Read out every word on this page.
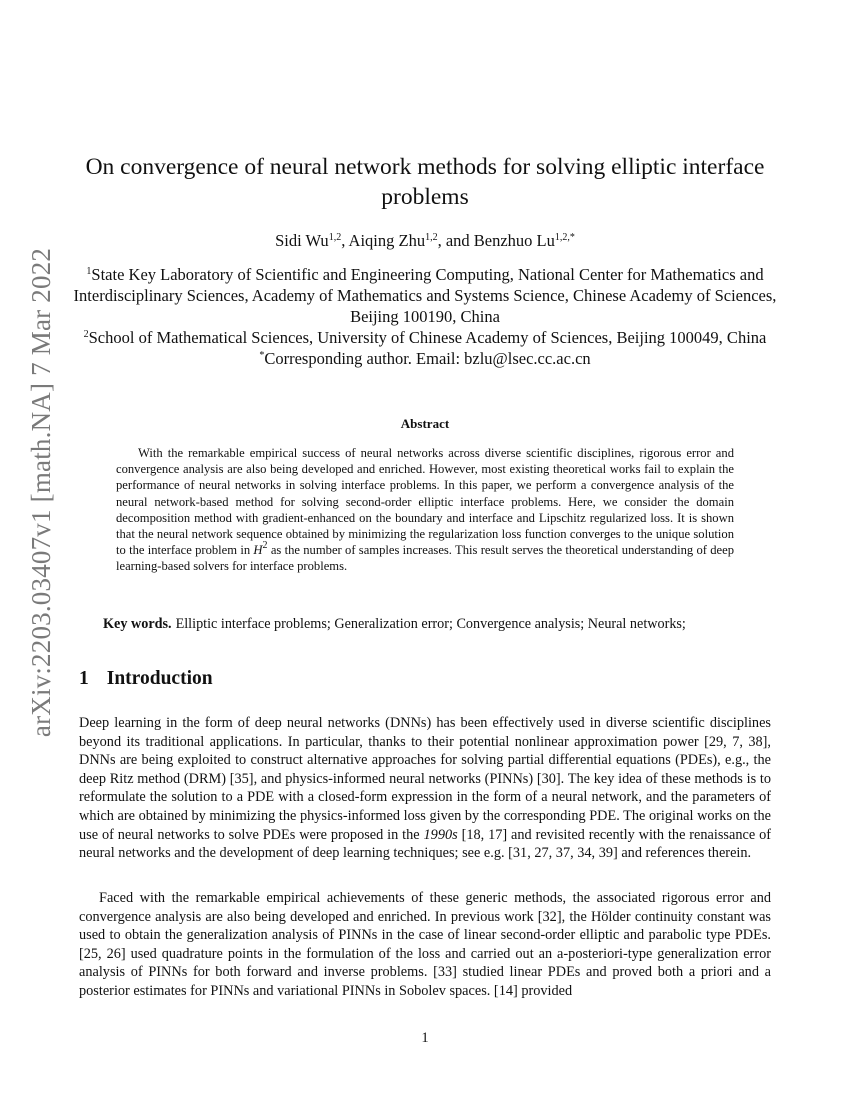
arXiv:2203.03407v1 [math.NA] 7 Mar 2022
On convergence of neural network methods for solving elliptic interface problems
Sidi Wu$^{1,2}$, Aiqing Zhu$^{1,2}$, and Benzhuo $Lu^{1,2,*}$

$^1$State Key Laboratory of Scientific and Engineering Computing, National Center for Mathematics and Interdisciplinary Sciences, Academy of Mathematics and Systems Science, Chinese Academy of Sciences, Beijing 100190, China

$^2$School of Mathematical Sciences, University of Chinese Academy of Sciences, Beijing 100049, China

*Corresponding author. Email: bzlu@lsec.cc.ac.cn

Abstract

With the remarkable empirical success of neural networks across diverse scientific disciplines, rigorous error and convergence analysis are also being developed and enriched. However, most existing theoretical works fail to explain the performance of neural networks in solving interface problems. In this paper, we perform a convergence analysis of the neural network-based method for solving second-order elliptic interface problems. Here, we consider the domain decomposition method with gradient-enhanced on the boundary and interface and Lipschitz regularized loss. It is shown that the neural network sequence obtained by minimizing the regularization loss function converges to the unique solution to the interface problem in $H^2$ as the number of samples increases. This result serves the theoretical understanding of deep learning-based solvers for interface problems.

Key words. Elliptic interface problems; Generalization error; Convergence analysis; Neural networks;

1 Introduction

Deep learning in the form of deep neural networks (DNNs) has been effectively used in diverse scientific disciplines beyond its traditional applications. In particular, thanks to their potential nonlinear approximation power [29, 7, 38], DNNs are being exploited to construct alternative approaches for solving partial differential equations (PDEs), e.g., the deep Ritz method (DRM) [35], and physics-informed neural networks (PINNs) [30]. The key idea of these methods is to reformulate the solution to a PDE with a closed-form expression in the form of a neural network, and the parameters of which are obtained by minimizing the physics-informed loss given by the corresponding PDE. The original works on the use of neural networks to solve PDEs were proposed in the 1990s [18, 17] and revisited recently with the renaissance of neural networks and the development of deep learning techniques; see e.g. [31, 27, 37, 34, 39] and references therein.

Faced with the remarkable empirical achievements of these generic methods, the associated rigorous error and convergence analysis are also being developed and enriched. In previous work [32], the Hölder continuity constant was used to obtain the generalization analysis of PINNs in the case of linear second-order elliptic and parabolic type PDEs. [25, 26] used quadrature points in the formulation of the loss and carried out an a-posteriori-type generalization error analysis of PINNs for both forward and inverse problems. [33] studied linear PDEs and proved both a priori and a posterior estimates for PINNs and variational PINNs in Sobolev spaces. [14] provided

1
